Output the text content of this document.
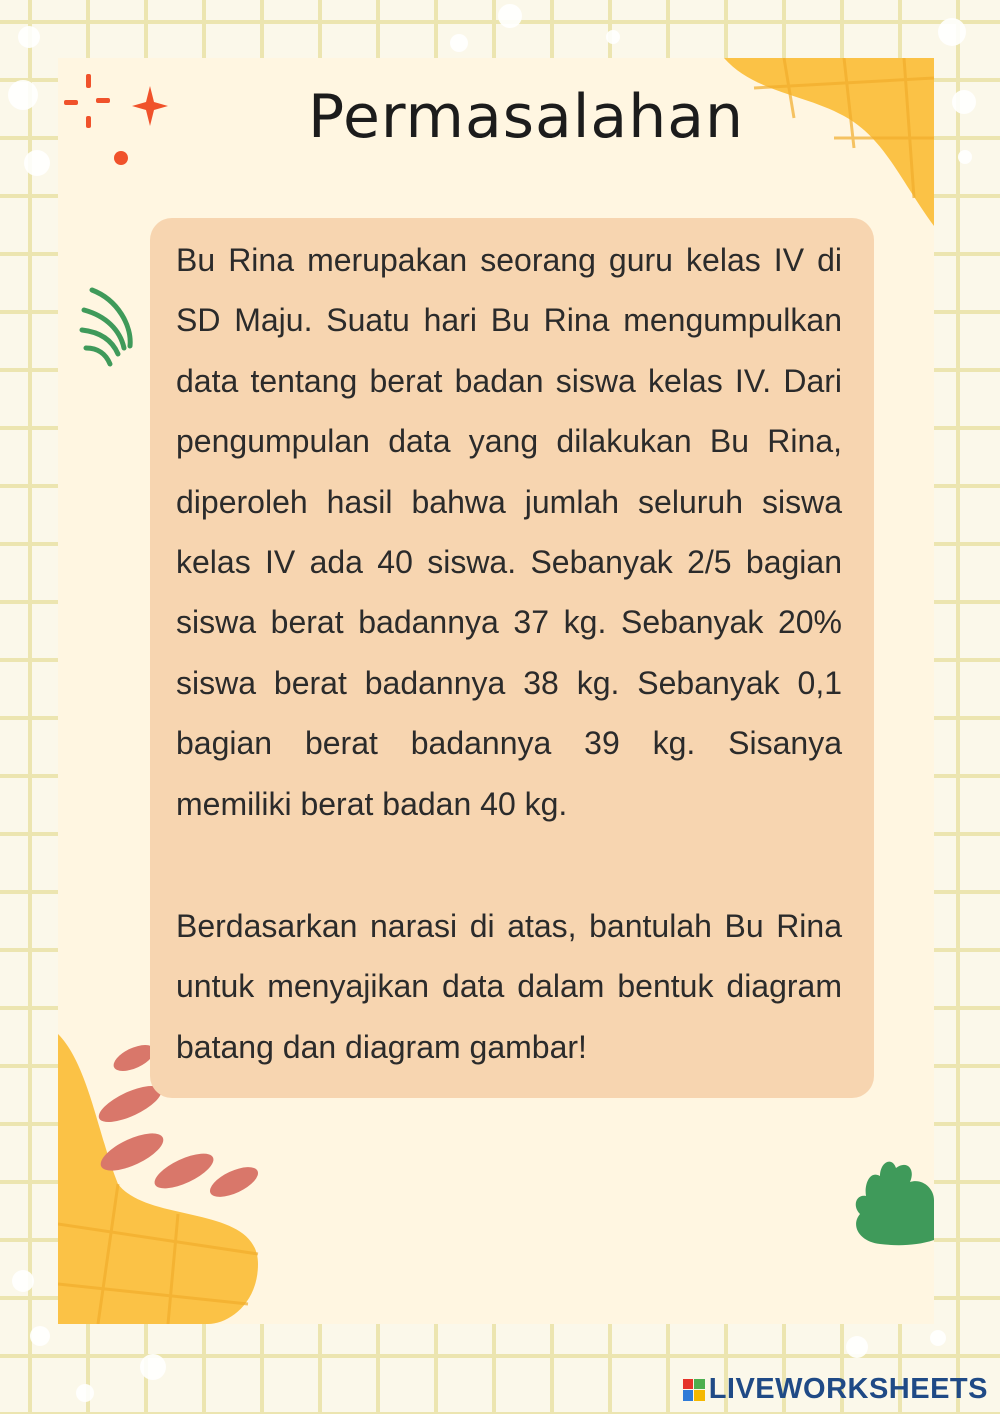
Permasalahan

Bu Rina merupakan seorang guru kelas IV di SD Maju. Suatu hari Bu Rina mengumpulkan data tentang berat badan siswa kelas IV. Dari pengumpulan data yang dilakukan Bu Rina, diperoleh hasil bahwa jumlah seluruh siswa kelas IV ada 40 siswa. Sebanyak 2/5 bagian siswa berat badannya 37 kg. Sebanyak 20% siswa berat badannya 38 kg. Sebanyak 0,1 bagian berat badannya 39 kg. Sisanya memiliki berat badan 40 kg.

Berdasarkan narasi di atas, bantulah Bu Rina untuk menyajikan data dalam bentuk diagram batang dan diagram gambar!

LIVEWORKSHEETS
